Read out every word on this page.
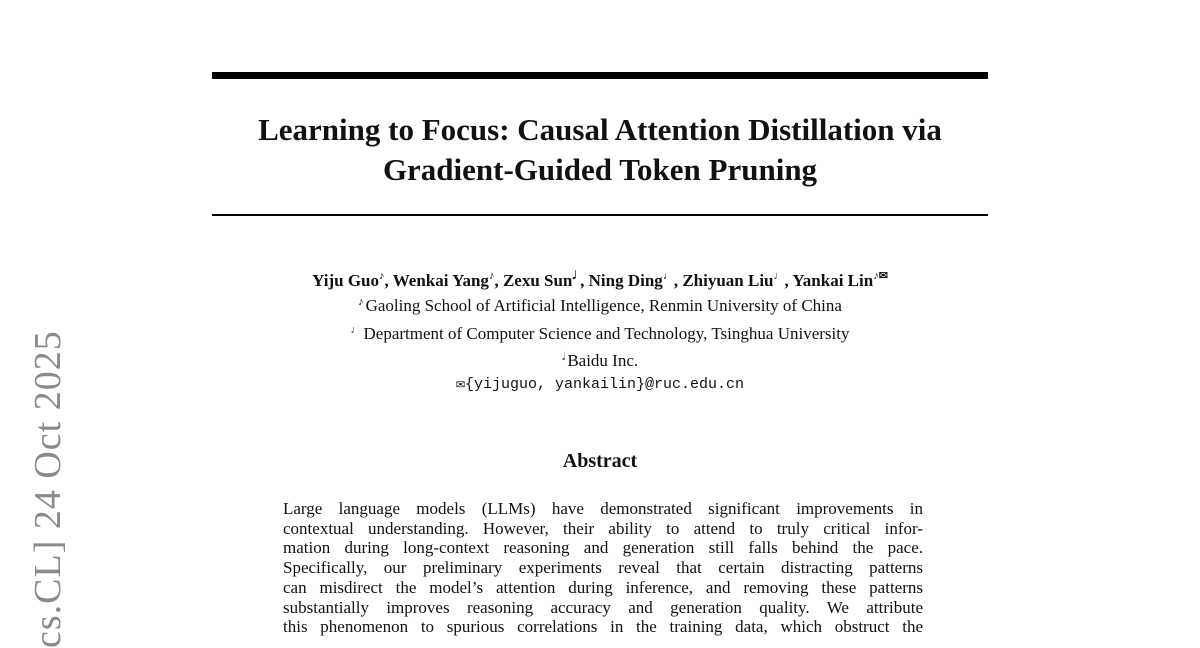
cs.CL] 24 Oct 2025
Learning to Focus: Causal Attention Distillation via
Gradient-Guided Token Pruning
Yiju Guo♪, Wenkai Yang♪, Zexu Sun𝅗𝅥 , Ning Ding♩, Zhiyuan Liu♩, Yankai Lin♪✉
♪ Gaoling School of Artificial Intelligence, Renmin University of China
♩ Department of Computer Science and Technology, Tsinghua University
𝅗𝅥 Baidu Inc.
✉{yijuguo, yankailin}@ruc.edu.cn
Abstract
Large language models (LLMs) have demonstrated significant improvements in
contextual understanding. However, their ability to attend to truly critical infor-
mation during long-context reasoning and generation still falls behind the pace.
Specifically, our preliminary experiments reveal that certain distracting patterns
can misdirect the model’s attention during inference, and removing these patterns
substantially improves reasoning accuracy and generation quality. We attribute
this phenomenon to spurious correlations in the training data, which obstruct the
